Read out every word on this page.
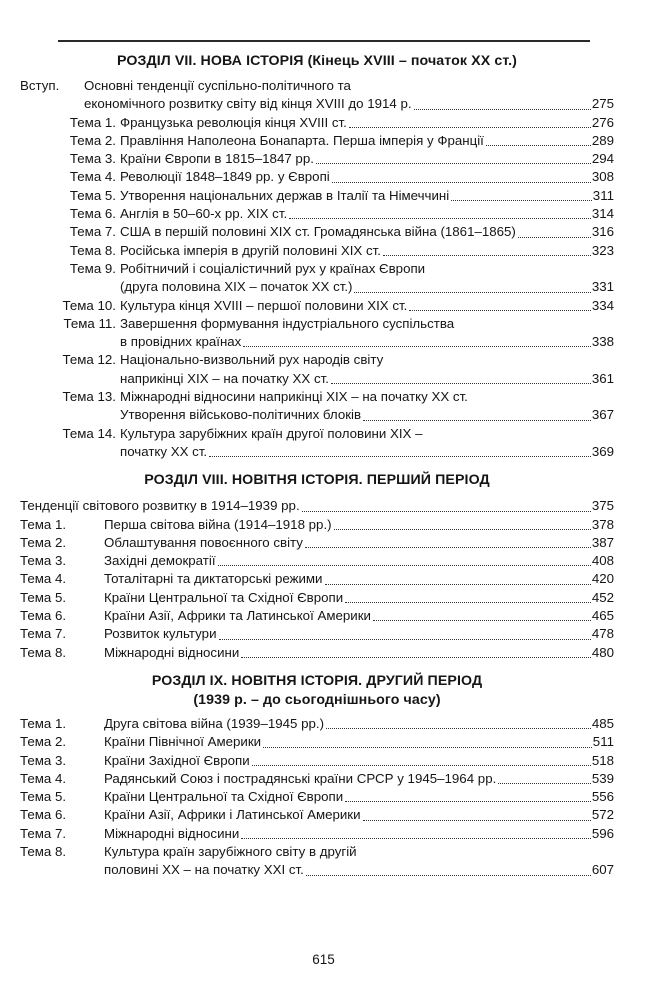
РОЗДІЛ VII. НОВА ІСТОРІЯ (Кінець XVIII – початок XX ст.)
Вступ.	Основні тенденції суспільно-політичного та
економічного розвитку світу від кінця XVIII до 1914 р.	275
Тема 1. Французька революція кінця XVIII ст.	276
Тема 2. Правління Наполеона Бонапарта. Перша імперія у Франції	289
Тема 3. Країни Європи в 1815–1847 рр.	294
Тема 4. Революції 1848–1849 рр. у Європі	308
Тема 5. Утворення національних держав в Італії та Німеччині	311
Тема 6. Англія в 50–60-х рр. XIX ст.	314
Тема 7. США в першій половині XIX ст. Громадянська війна (1861–1865)	316
Тема 8. Російська імперія в другій половині XIX ст.	323
Тема 9. Робітничий і соціалістичний рух у країнах Європи
(друга половина XIX – початок XX ст.)	331
Тема 10. Культура кінця XVIII – першої половини XIX ст.	334
Тема 11. Завершення формування індустріального суспільства
в провідних країнах	338
Тема 12. Національно-визвольний рух народів світу
наприкінці XIX – на початку XX ст.	361
Тема 13. Міжнародні відносини наприкінці XIX – на початку XX ст.
Утворення військово-політичних блоків	367
Тема 14. Культура зарубіжних країн другої половини XIX –
початку XX ст.	369
РОЗДІЛ VIII. НОВІТНЯ ІСТОРІЯ. ПЕРШИЙ ПЕРІОД
Тенденції світового розвитку в 1914–1939 рр.	375
Тема 1.	Перша світова війна (1914–1918 рр.)	378
Тема 2.	Облаштування повоєнного світу	387
Тема 3.	Західні демократії	408
Тема 4.	Тоталітарні та диктаторські режими	420
Тема 5.	Країни Центральної та Східної Європи	452
Тема 6.	Країни Азії, Африки та Латинської Америки	465
Тема 7.	Розвиток культури	478
Тема 8.	Міжнародні відносини	480
РОЗДІЛ IX. НОВІТНЯ ІСТОРІЯ. ДРУГИЙ ПЕРІОД
(1939 р. – до сьогоднішнього часу)
Тема 1.	Друга світова війна (1939–1945 рр.)	485
Тема 2.	Країни Північної Америки	511
Тема 3.	Країни Західної Європи	518
Тема 4.	Радянський Союз і пострадянські країни СРСР у 1945–1964 рр.	539
Тема 5.	Країни Центральної та Східної Європи	556
Тема 6.	Країни Азії, Африки і Латинської Америки	572
Тема 7.	Міжнародні відносини	596
Тема 8.	Культура країн зарубіжного світу в другій
половині XX – на початку XXI ст.	607
615
